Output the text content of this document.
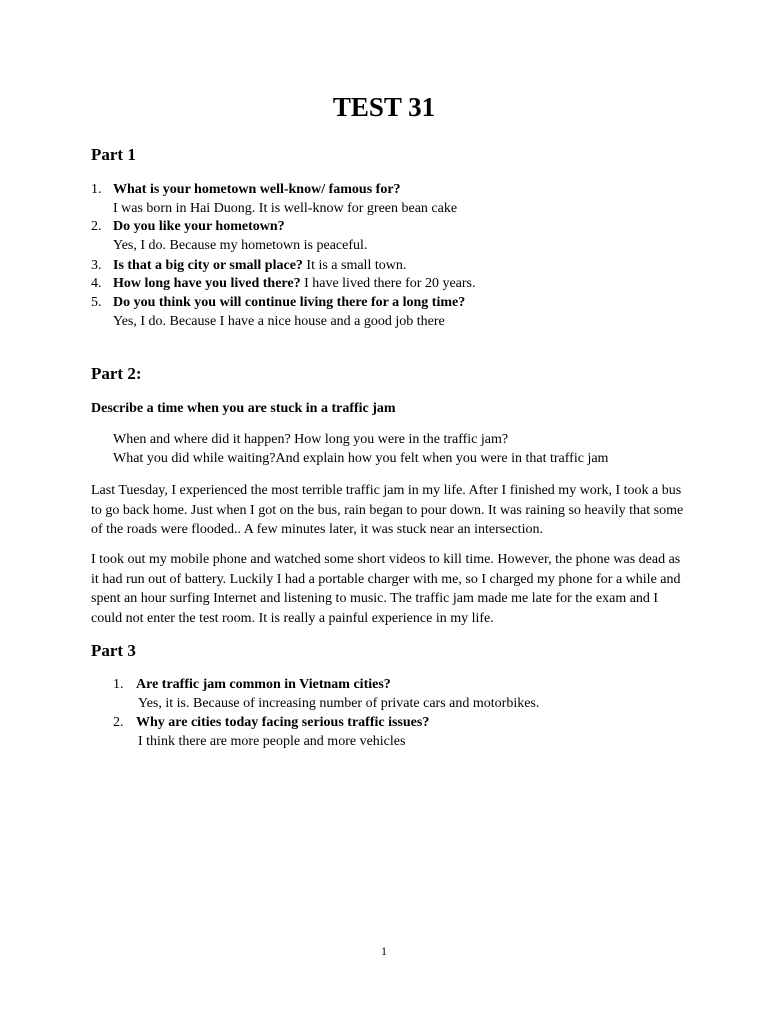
TEST 31
Part 1
1. What is your hometown well-know/ famous for?
I was born in Hai Duong. It is well-know for green bean cake
2. Do you like your hometown?
Yes, I do. Because my hometown is peaceful.
3. Is that a big city or small place? It is a small town.
4. How long have you lived there? I have lived there for 20 years.
5. Do you think you will continue living there for a long time?
Yes, I do. Because I have a nice house and a good job there
Part 2:
Describe a time when you are stuck in a traffic jam
When and where did it happen? How long you were in the traffic jam?
What you did while waiting?And explain how you felt when you were in that traffic jam
Last Tuesday, I experienced the most terrible traffic jam in my life. After I finished my work, I took a bus
to go back home. Just when I got on the bus, rain began to pour down. It was raining so heavily that some
of the roads were flooded.. A few minutes later, it was stuck near an intersection.
I took out my mobile phone and watched some short videos to kill time. However, the phone was dead as
it had run out of battery. Luckily I had a portable charger with me, so I charged my phone for a while and
spent an hour surfing Internet and listening to music. The traffic jam made me late for the exam and I
could not enter the test room. It is really a painful experience in my life.
Part 3
1. Are traffic jam common in Vietnam cities?
Yes, it is. Because of increasing number of private cars and motorbikes.
2. Why are cities today facing serious traffic issues?
I think there are more people and more vehicles
1
